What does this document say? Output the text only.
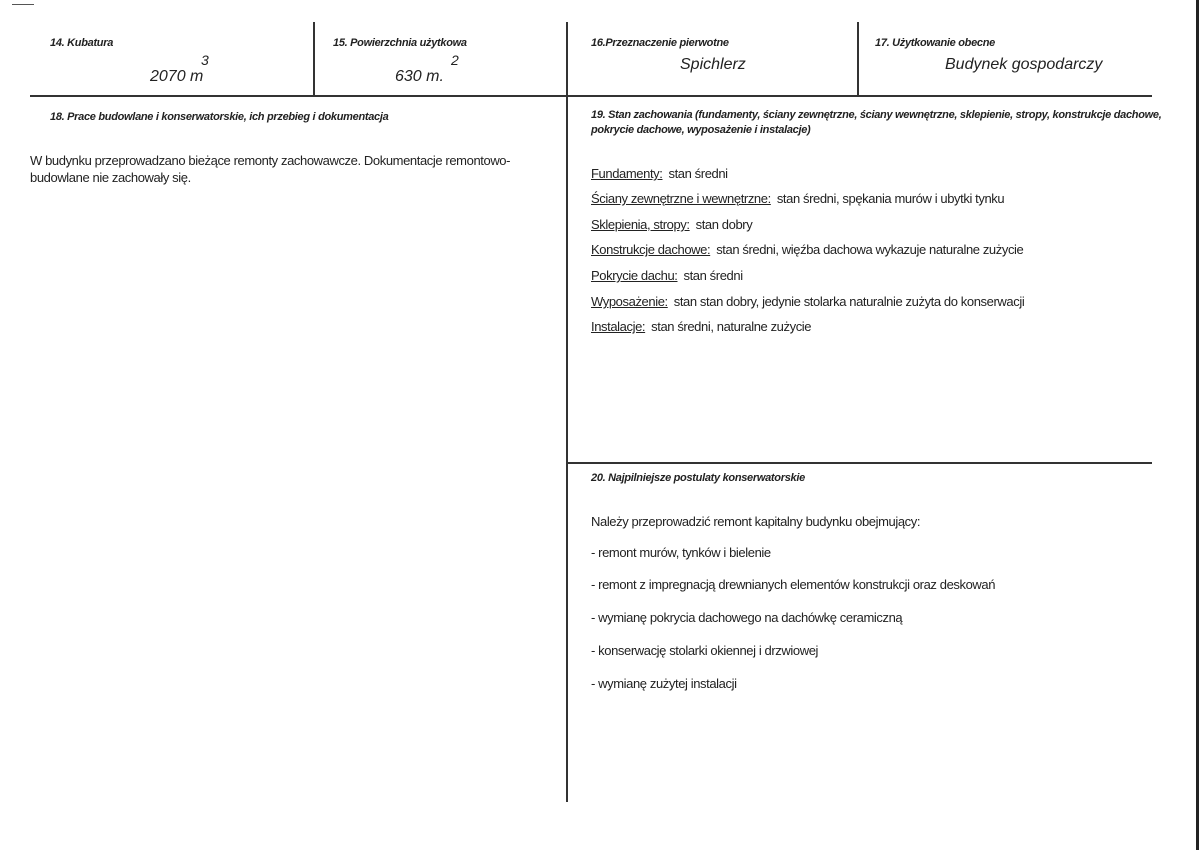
14. Kubatura
3
2070 m
15. Powierzchnia użytkowa
2
630 m.
16.Przeznaczenie pierwotne
Spichlerz
17. Użytkowanie obecne
Budynek gospodarczy
18. Prace budowlane i konserwatorskie, ich przebieg i dokumentacja
W budynku przeprowadzano bieżące remonty zachowawcze. Dokumentacje remontowo-budowlane nie zachowały się.
19. Stan zachowania (fundamenty, ściany zewnętrzne, ściany wewnętrzne, sklepienie, stropy, konstrukcje dachowe,
pokrycie dachowe, wyposażenie i instalacje)
Fundamenty: stan średni
Ściany zewnętrzne i wewnętrzne: stan średni, spękania murów i ubytki tynku
Sklepienia, stropy: stan dobry
Konstrukcje dachowe: stan średni, więźba dachowa wykazuje naturalne zużycie
Pokrycie dachu: stan średni
Wyposażenie: stan stan dobry, jedynie stolarka naturalnie zużyta do konserwacji
Instalacje: stan średni, naturalne zużycie
20. Najpilniejsze postulaty konserwatorskie
Należy przeprowadzić remont kapitalny budynku obejmujący:
- remont murów, tynków i bielenie
- remont z impregnacją drewnianych elementów konstrukcji oraz deskowań
- wymianę pokrycia dachowego na dachówkę ceramiczną
- konserwację stolarki okiennej i drzwiowej
- wymianę zużytej instalacji
